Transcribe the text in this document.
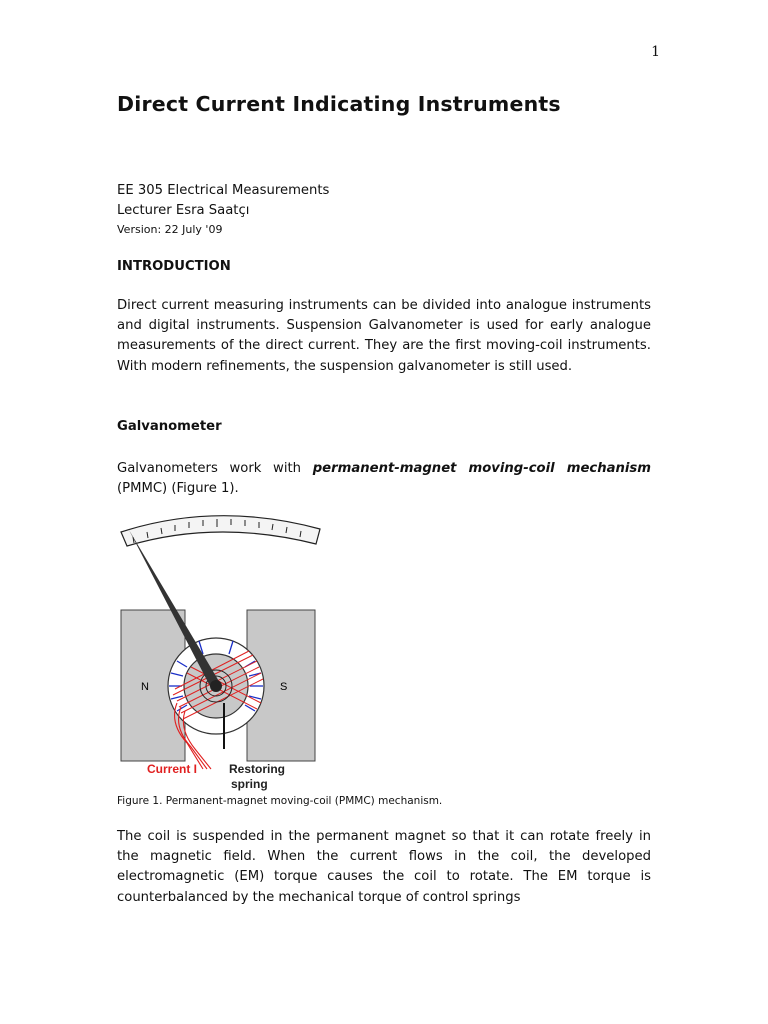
1
Direct Current Indicating Instruments
EE 305 Electrical Measurements
Lecturer Esra Saatçı
Version: 22 July '09
INTRODUCTION

Direct current measuring instruments can be divided into analogue instruments and digital instruments. Suspension Galvanometer is used for early analogue measurements of the direct current. They are the first moving-coil instruments. With modern refinements, the suspension galvanometer is still used.

Galvanometer

Galvanometers work with permanent-magnet moving-coil mechanism (PMMC) (Figure 1).

N	S
Current I	Restoring
spring
Figure 1. Permanent-magnet moving-coil (PMMC) mechanism.

The coil is suspended in the permanent magnet so that it can rotate freely in the magnetic field. When the current flows in the coil, the developed electromagnetic (EM) torque causes the coil to rotate. The EM torque is counterbalanced by the mechanical torque of control springs
